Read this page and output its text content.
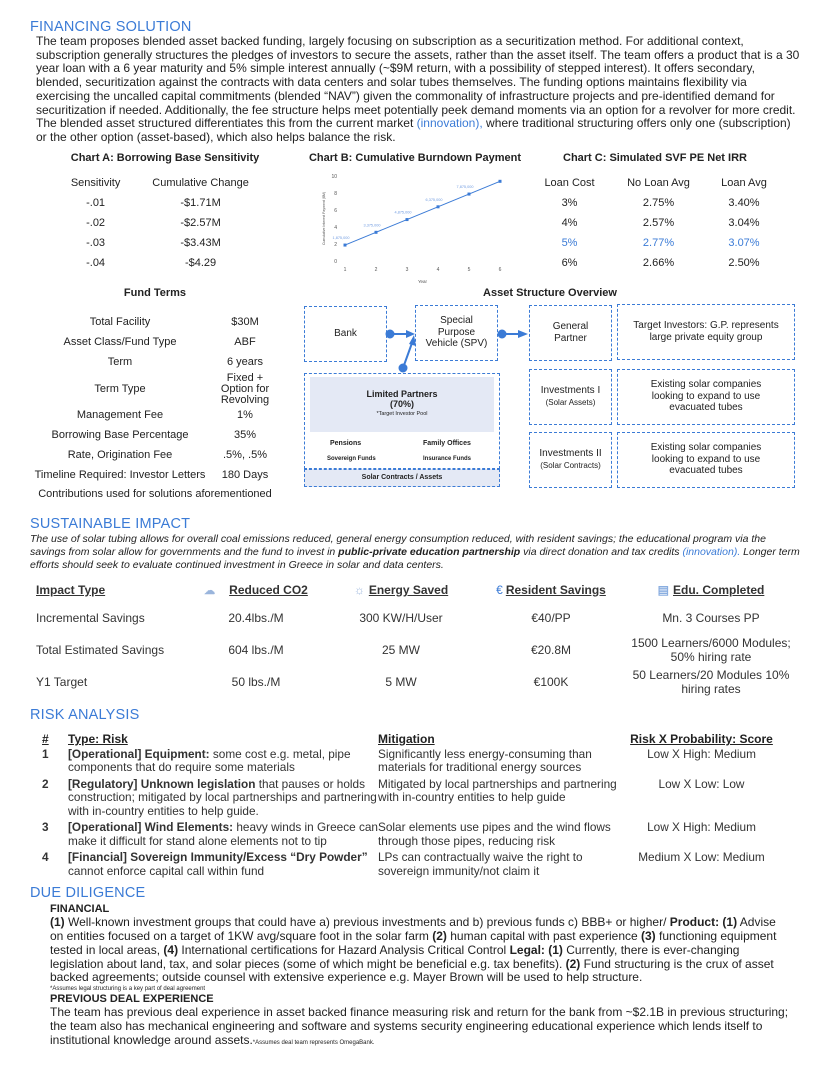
FINANCING SOLUTION
The team proposes blended asset backed funding, largely focusing on subscription as a securitization method. For additional context, subscription generally structures the pledges of investors to secure the assets, rather than the asset itself. The team offers a product that is a 30 year loan with a 6 year maturity and 5% simple interest annually (~$9M return, with a possibility of stepped interest). It offers secondary, blended, securitization against the contracts with data centers and solar tubes themselves. The funding options maintains flexibility via exercising the uncalled capital commitments (blended “NAV”) given the commonality of infrastructure projects and pre-identified demand for securitization if needed. Additionally, the fee structure helps meet potentially peek demand moments via an option for a revolver for more credit. The blended asset structured differentiates this from the current market (innovation), where traditional structuring offers only one (subscription) or the other option (asset-based), which also helps balance the risk.
Chart A: Borrowing Base Sensitivity
Sensitivity	Cumulative Change
-.01	-$1.71M
-.02	-$2.57M
-.03	-$3.43M
-.04	-$4.29
Chart B: Cumulative Burndown Payment
0
2
4
6
8
10
1	2	3	4	5	6
Year
Cumulative Interest Payment ($M) 1,875,000
3,375,000
4,875,000
6,375,000
7,875,000
Chart C: Simulated SVF PE Net IRR
Loan Cost	No Loan Avg	Loan Avg
3%	2.75%	3.40%
4%	2.57%	3.04%
5%	2.77%	3.07%
6%	2.66%	2.50%
Fund Terms
Total Facility	$30M
Asset Class/Fund Type	ABF
Term	6 years
Term Type	Fixed + Option for Revolving
Management Fee	1%
Borrowing Base Percentage	35%
Rate, Origination Fee	.5%, .5%
Timeline Required: Investor Letters	180 Days
Contributions used for solutions aforementioned	
Asset Structure Overview
Bank
Special Purpose Vehicle (SPV)
General Partner
Target Investors: G.P. represents large private equity group
Investments I
(Solar Assets)
Existing solar companies looking to expand to use evacuated tubes
Investments II
(Solar Contracts)
Existing solar companies looking to expand to use evacuated tubes
Limited Partners
(70%)
*Target Investor Pool
Pensions	Family Offices
Sovereign Funds	Insurance Funds
Solar Contracts / Assets
SUSTAINABLE IMPACT
The use of solar tubing allows for overall coal emissions reduced, general energy consumption reduced, with resident savings; the educational program via the savings from solar allow for governments and the fund to invest in public-private education partnership via direct donation and tax credits (innovation). Longer term efforts should seek to evaluate continued investment in Greece in solar and data centers.
Impact Type	☁ Reduced CO2	☼ Energy Saved	€ Resident Savings	▤ Edu. Completed
Incremental Savings	20.4lbs./M	300 KW/H/User	€40/PP	Mn. 3 Courses PP
Total Estimated Savings	604 lbs./M	25 MW	€20.8M	1500 Learners/6000 Modules; 50% hiring rate
Y1 Target	50 lbs./M	5 MW	€100K	50 Learners/20 Modules 10% hiring rates
RISK ANALYSIS
#	Type: Risk	Mitigation	Risk X Probability: Score
1	[Operational] Equipment: some cost e.g. metal, pipe components that do require some materials	Significantly less energy-consuming than materials for traditional energy sources	Low X High: Medium
2	[Regulatory] Unknown legislation that pauses or holds construction; mitigated by local partnerships and partnering with in-country entities to help guide.	Mitigated by local partnerships and partnering with in-country entities to help guide	Low X Low: Low
3	[Operational] Wind Elements: heavy winds in Greece can make it difficult for stand alone elements not to tip	Solar elements use pipes and the wind flows through those pipes, reducing risk	Low X High: Medium
4	[Financial] Sovereign Immunity/Excess “Dry Powder” cannot enforce capital call within fund	LPs can contractually waive the right to sovereign immunity/not claim it	Medium X Low: Medium
DUE DILIGENCE
FINANCIAL
(1) Well-known investment groups that could have a) previous investments and b) previous funds c) BBB+ or higher/ Product: (1) Advise on entities focused on a target of 1KW avg/square foot in the solar farm (2) human capital with past experience (3) functioning equipment tested in local areas, (4) International certifications for Hazard Analysis Critical Control Legal: (1) Currently, there is ever-changing legislation about land, tax, and solar pieces (some of which might be beneficial e.g. tax benefits). (2) Fund structuring is the crux of asset backed agreements; outside counsel with extensive experience e.g. Mayer Brown will be used to help structure.
*Assumes legal structuring is a key part of deal agreement
PREVIOUS DEAL EXPERIENCE
The team has previous deal experience in asset backed finance measuring risk and return for the bank from ~$2.1B in previous structuring; the team also has mechanical engineering and software and systems security engineering educational experience which lends itself to institutional knowledge around assets.*Assumes deal team represents OmegaBank.
